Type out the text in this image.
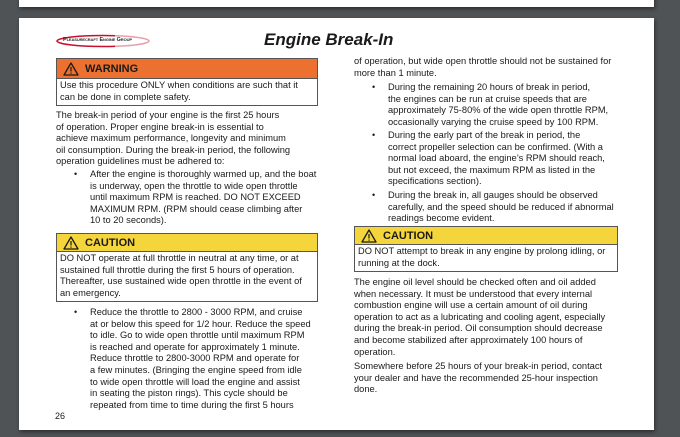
Pleasurecraft Engine Group	Engine Break-In
WARNING
Use this procedure ONLY when conditions are such that it
can be done in complete safety.
The break-in period of your engine is the first 25 hours
of operation. Proper engine break-in is essential to
achieve maximum performance, longevity and minimum
oil consumption. During the break-in period, the following
operation guidelines must be adhered to:
• After the engine is thoroughly warmed up, and the boat
is underway, open the throttle to wide open throttle
until maximum RPM is reached. DO NOT EXCEED
MAXIMUM RPM. (RPM should cease climbing after
10 to 20 seconds).
CAUTION
DO NOT operate at full throttle in neutral at any time, or at
sustained full throttle during the first 5 hours of operation.
Thereafter, use sustained wide open throttle in the event of
an emergency.
• Reduce the throttle to 2800 - 3000 RPM, and cruise
at or below this speed for 1/2 hour. Reduce the speed
to idle. Go to wide open throttle until maximum RPM
is reached and operate for approximately 1 minute.
Reduce throttle to 2800-3000 RPM and operate for
a few minutes. (Bringing the engine speed from idle
to wide open throttle will load the engine and assist
in seating the piston rings). This cycle should be
repeated from time to time during the first 5 hours
26
of operation, but wide open throttle should not be sustained for
more than 1 minute.
• During the remaining 20 hours of break in period,
the engines can be run at cruise speeds that are
approximately 75-80% of the wide open throttle RPM,
occasionally varying the cruise speed by 100 RPM.
• During the early part of the break in period, the
correct propeller selection can be confirmed. (With a
normal load aboard, the engine’s RPM should reach,
but not exceed, the maximum RPM as listed in the
specifications section).
• During the break in, all gauges should be observed
carefully, and the speed should be reduced if abnormal
readings become evident.
CAUTION
DO NOT attempt to break in any engine by prolong idling, or
running at the dock.
The engine oil level should be checked often and oil added
when necessary. It must be understood that every internal
combustion engine will use a certain amount of oil during
operation to act as a lubricating and cooling agent, especially
during the break-in period. Oil consumption should decrease
and become stabilized after approximately 100 hours of
operation.
Somewhere before 25 hours of your break-in period, contact
your dealer and have the recommended 25-hour inspection
done.
